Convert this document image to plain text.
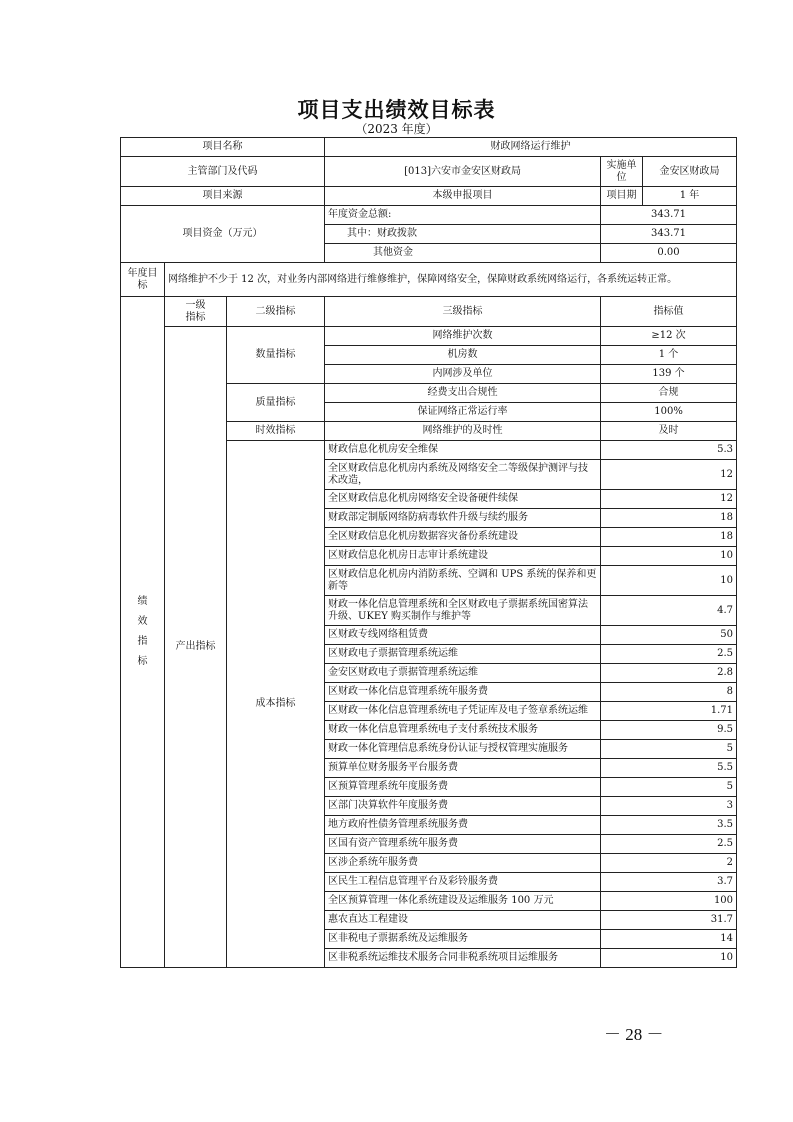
项目支出绩效目标表
（2023 年度）
项目名称			财政网络运行维护		
主管部门及代码			[013]六安市金安区财政局	实施单位	金安区财政局
项目来源			本级申报项目	项目期	1 年
项目资金（万元）			年度资金总额:	343.71	
			其中：财政拨款	343.71	
			其他资金	0.00	
年度目标	网络维护不少于 12 次，对业务内部网络进行维修维护，保障网络安全，保障财政系统网络运行，各系统运转正常。				
绩效指标	一级指标	二级指标	三级指标	指标值	
	产出指标	数量指标	网络维护次数	≥12 次	
			机房数	1 个	
			内网涉及单位	139 个	
		质量指标	经费支出合规性	合规	
			保证网络正常运行率	100%	
		时效指标	网络维护的及时性	及时	
		成本指标	财政信息化机房安全维保	5.3	
			全区财政信息化机房内系统及网络安全二等级保护测评与技术改造，	12	
			全区财政信息化机房网络安全设备硬件续保	12	
			财政部定制版网络防病毒软件升级与续约服务	18	
			全区财政信息化机房数据容灾备份系统建设	18	
			区财政信息化机房日志审计系统建设	10	
			区财政信息化机房内消防系统、空调和 UPS 系统的保养和更新等	10	
			财政一体化信息管理系统和全区财政电子票据系统国密算法升级、UKEY 购买制作与维护等	4.7	
			区财政专线网络租赁费	50	
			区财政电子票据管理系统运维	2.5	
			金安区财政电子票据管理系统运维	2.8	
			区财政一体化信息管理系统年服务费	8	
			区财政一体化信息管理系统电子凭证库及电子签章系统运维	1.71	
			财政一体化信息管理系统电子支付系统技术服务	9.5	
			财政一体化管理信息系统身份认证与授权管理实施服务	5	
			预算单位财务服务平台服务费	5.5	
			区预算管理系统年度服务费	5	
			区部门决算软件年度服务费	3	
			地方政府性债务管理系统服务费	3.5	
			区国有资产管理系统年服务费	2.5	
			区涉企系统年服务费	2	
			区民生工程信息管理平台及彩铃服务费	3.7	
			全区预算管理一体化系统建设及运维服务 100 万元	100	
			惠农直达工程建设	31.7	
			区非税电子票据系统及运维服务	14	
			区非税系统运维技术服务合同非税系统项目运维服务	10	
－ 28 －
